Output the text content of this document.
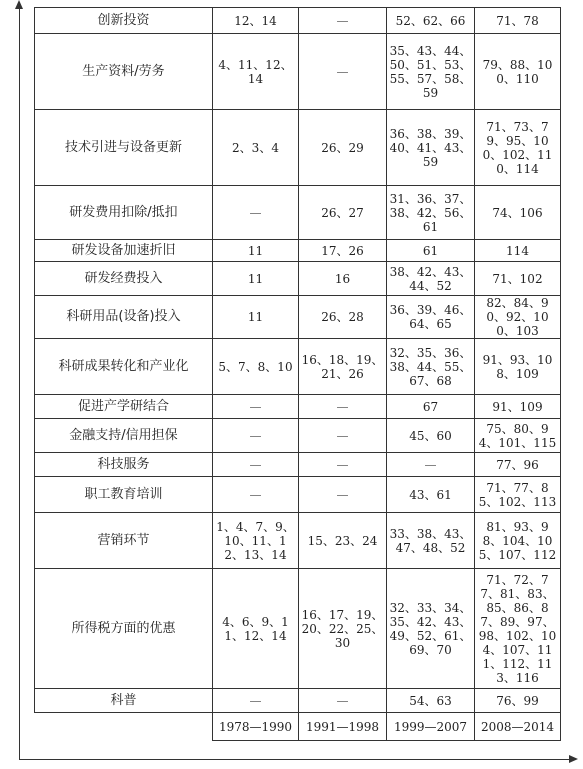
创新投资	12、14	—	52、62、66	71、78
生产资料/劳务	4、11、12、14	—	35、43、44、50、51、53、55、57、58、59	79、88、100、110
技术引进与设备更新	2、3、4	26、29	36、38、39、40、41、43、59	71、73、79、95、100、102、110、114
研发费用扣除/抵扣	—	26、27	31、36、37、38、42、56、61	74、106
研发设备加速折旧	11	17、26	61	114
研发经费投入	11	16	38、42、43、44、52	71、102
科研用品(设备)投入	11	26、28	36、39、46、64、65	82、84、90、92、100、103
科研成果转化和产业化	5、7、8、10	16、18、19、21、26	32、35、36、38、44、55、67、68	91、93、108、109
促进产学研结合	—	—	67	91、109
金融支持/信用担保	—	—	45、60	75、80、94、101、115
科技服务	—	—	—	77、96
职工教育培训	—	—	43、61	71、77、85、102、113
营销环节	1、4、7、9、10、11、12、13、14	15、23、24	33、38、43、47、48、52	81、93、98、104、105、107、112
所得税方面的优惠	4、6、9、11、12、14	16、17、19、20、22、25、30	32、33、34、35、42、43、49、52、61、69、70	71、72、77、81、83、85、86、87、89、97、98、102、104、107、111、112、113、116
科普	—	—	54、63	76、99
	1978—1990	1991—1998	1999—2007	2008—2014
